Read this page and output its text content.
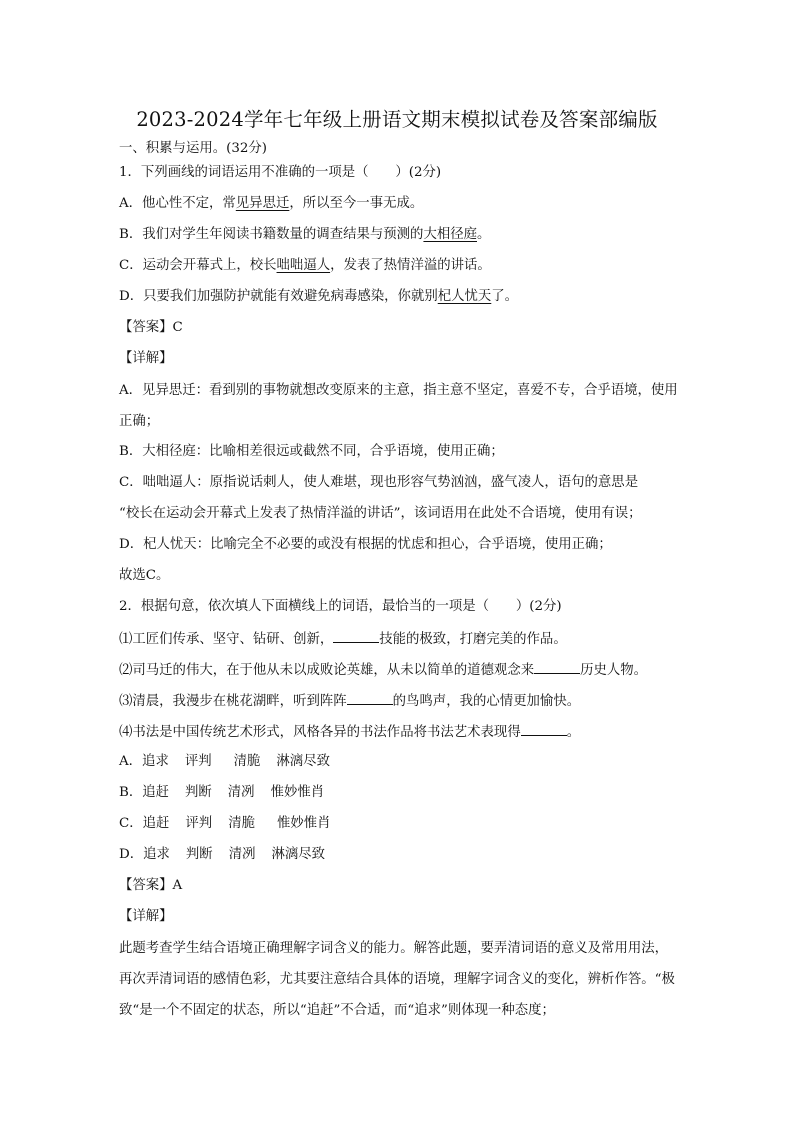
2023-2024学年七年级上册语文期末模拟试卷及答案部编版
一、积累与运用。(32分)
1．下列画线的词语运用不准确的一项是（　　）(2分)
A．他心性不定，常见异思迁，所以至今一事无成。
B．我们对学生年阅读书籍数量的调查结果与预测的大相径庭。
C．运动会开幕式上，校长咄咄逼人，发表了热情洋溢的讲话。
D．只要我们加强防护就能有效避免病毒感染，你就别杞人忧天了。
【答案】C
【详解】
A．见异思迁：看到别的事物就想改变原来的主意，指主意不坚定，喜爱不专，合乎语境，使用正确；
B．大相径庭：比喻相差很远或截然不同，合乎语境，使用正确；
C．咄咄逼人：原指说话刺人，使人难堪，现也形容气势汹汹，盛气凌人，语句的意思是
“校长在运动会开幕式上发表了热情洋溢的讲话”，该词语用在此处不合语境，使用有误；
D．杞人忧天：比喻完全不必要的或没有根据的忧虑和担心，合乎语境，使用正确；
故选C。
2．根据句意，依次填人下面横线上的词语，最恰当的一项是（　　）(2分)
⑴工匠们传承、坚守、钻研、创新，	技能的极致，打磨完美的作品。
⑵司马迁的伟大，在于他从未以成败论英雄，从未以简单的道德观念来	历史人物。
⑶清晨，我漫步在桃花湖畔，听到阵阵	的鸟鸣声，我的心情更加愉快。
⑷书法是中国传统艺术形式，风格各异的书法作品将书法艺术表现得	。
A．追求 评判 清脆 淋漓尽致
B．追赶 判断 清冽 惟妙惟肖
C．追赶 评判 清脆 惟妙惟肖
D．追求 判断 清冽 淋漓尽致
【答案】A
【详解】
此题考查学生结合语境正确理解字词含义的能力。解答此题，要弄清词语的意义及常用用法，再次弄清词语的感情色彩，尤其要注意结合具体的语境，理解字词含义的变化，辨析作答。“极致“是一个不固定的状态，所以“追赶”不合适，而“追求”则体现一种态度；
